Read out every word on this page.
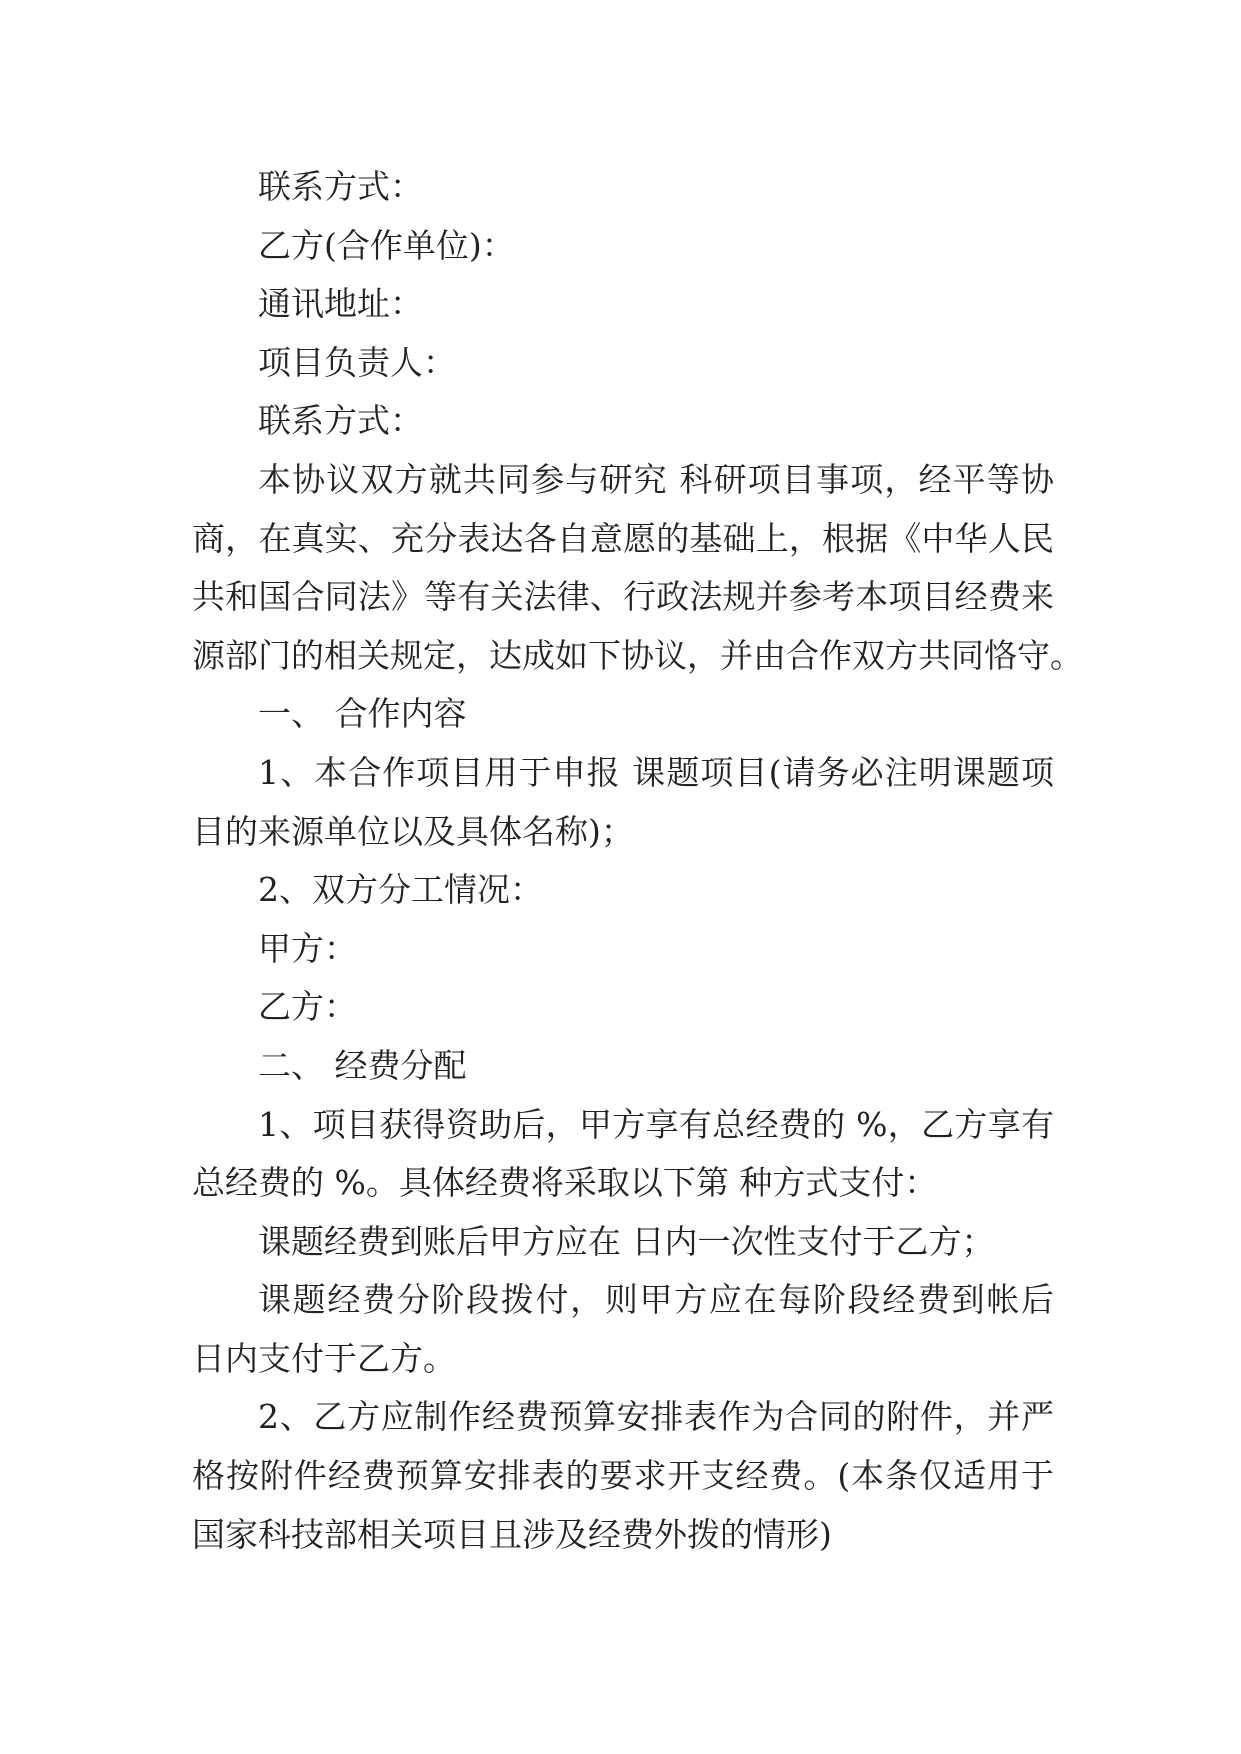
联系方式：
乙方(合作单位)：
通讯地址：
项目负责人：
联系方式：
本协议双方就共同参与研究 科研项目事项，经平等协
商，在真实、充分表达各自意愿的基础上，根据《中华人民
共和国合同法》等有关法律、行政法规并参考本项目经费来
源部门的相关规定，达成如下协议，并由合作双方共同恪守。
一、 合作内容
1、本合作项目用于申报 课题项目(请务必注明课题项
目的来源单位以及具体名称)；
2、双方分工情况：
甲方：
乙方：
二、 经费分配
1、项目获得资助后，甲方享有总经费的 %，乙方享有
总经费的 %。具体经费将采取以下第 种方式支付：
课题经费到账后甲方应在 日内一次性支付于乙方；
课题经费分阶段拨付，则甲方应在每阶段经费到帐后
日内支付于乙方。
2、乙方应制作经费预算安排表作为合同的附件，并严
格按附件经费预算安排表的要求开支经费。(本条仅适用于
国家科技部相关项目且涉及经费外拨的情形)
